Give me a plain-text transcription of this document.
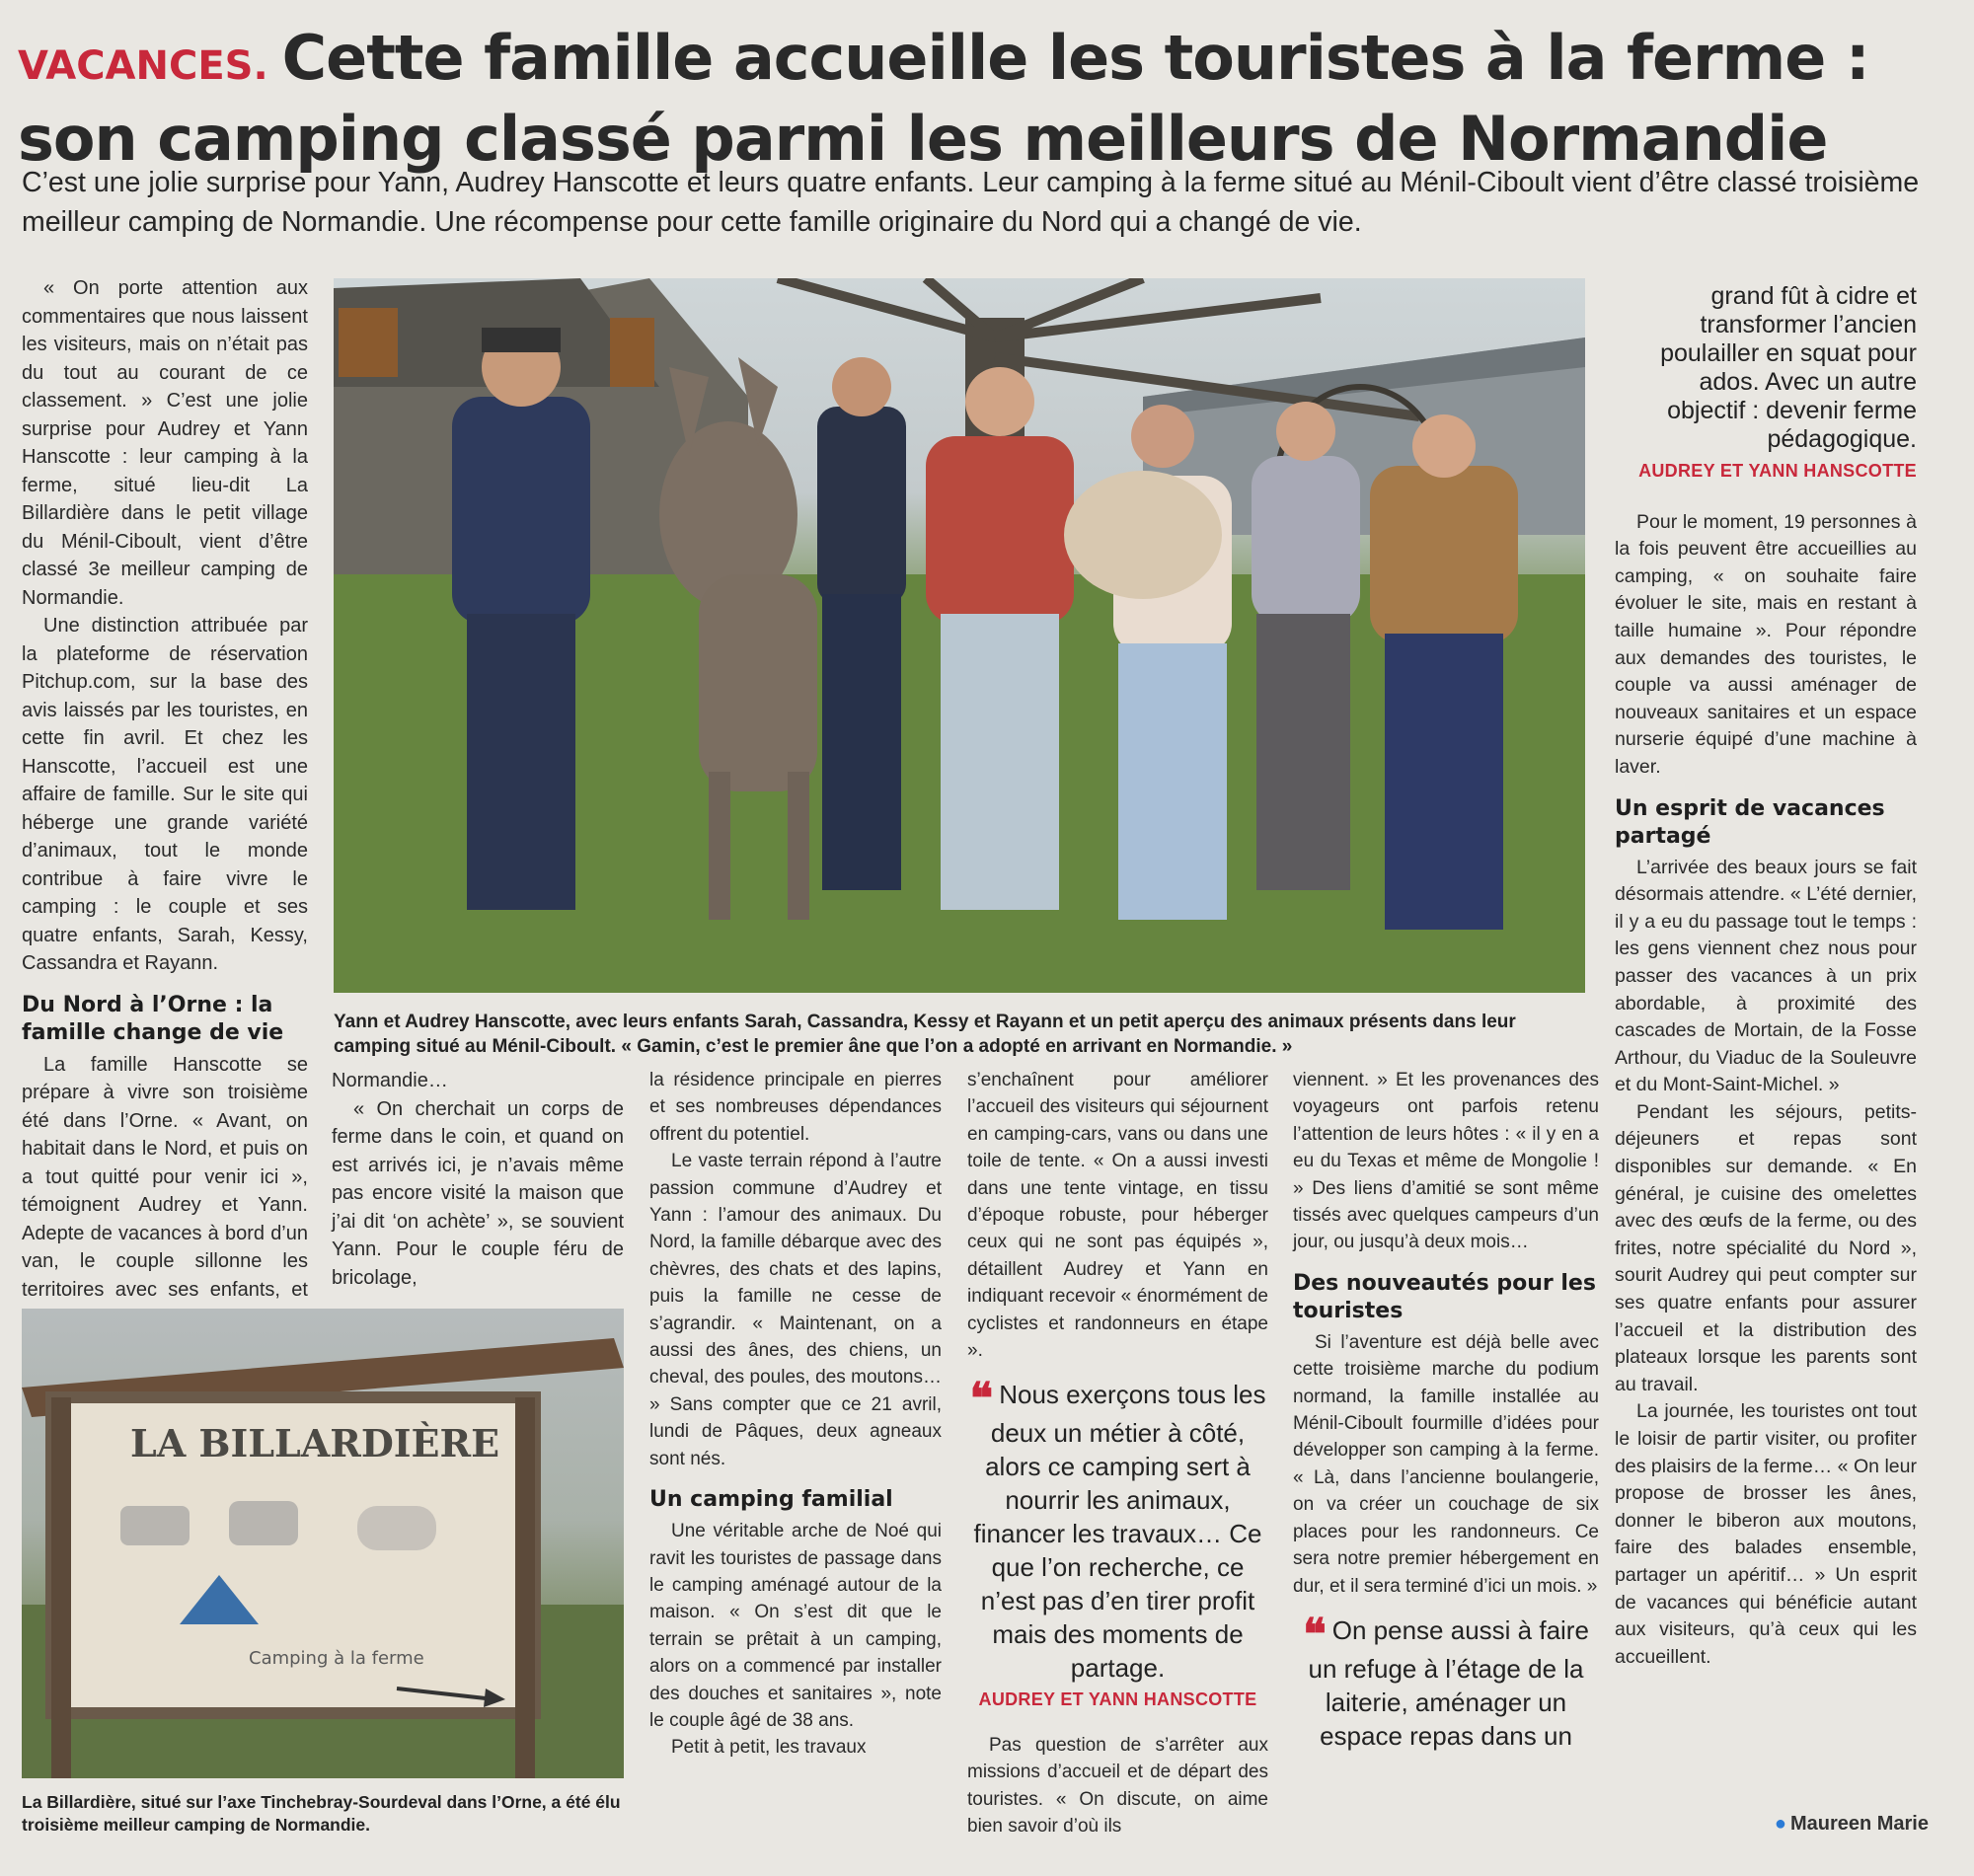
VACANCES. Cette famille accueille les touristes à la ferme :
son camping classé parmi les meilleurs de Normandie
C’est une jolie surprise pour Yann, Audrey Hanscotte et leurs quatre enfants. Leur camping à la ferme situé au Ménil-Ciboult vient d’être classé troisième meilleur camping de Normandie. Une récompense pour cette famille originaire du Nord qui a changé de vie.

« On porte attention aux commentaires que nous laissent les visiteurs, mais on n’était pas du tout au courant de ce classement. » C’est une jolie surprise pour Audrey et Yann Hanscotte : leur camping à la ferme, situé lieu-dit La Billardière dans le petit village du Ménil-Ciboult, vient d’être classé 3e meilleur camping de Normandie.

Une distinction attribuée par la plateforme de réservation Pitchup.com, sur la base des avis laissés par les touristes, en cette fin avril. Et chez les Hanscotte, l’accueil est une affaire de famille. Sur le site qui héberge une grande variété d’animaux, tout le monde contribue à faire vivre le camping : le couple et ses quatre enfants, Sarah, Kessy, Cassandra et Rayann.

Du Nord à l’Orne : la famille change de vie

La famille Hanscotte se prépare à vivre son troisième été dans l’Orne. « Avant, on habitait dans le Nord, et puis on a tout quitté pour venir ici », témoignent Audrey et Yann. Adepte de vacances à bord d’un van, le couple sillonne les territoires avec ses enfants, et

Yann et Audrey Hanscotte, avec leurs enfants Sarah, Cassandra, Kessy et Rayann et un petit aperçu des animaux présents dans leur camping situé au Ménil-Ciboult. « Gamin, c’est le premier âne que l’on a adopté en arrivant en Normandie. »

Normandie…

« On cherchait un corps de ferme dans le coin, et quand on est arrivés ici, je n’avais même pas encore visité la maison que j’ai dit ‘on achète’ », se souvient Yann. Pour le couple féru de bricolage,

LA BILLARDIÈRE
Camping à la ferme
La Billardière, situé sur l’axe Tinchebray-Sourdeval dans l’Orne, a été élu troisième meilleur camping de Normandie.

la résidence principale en pierres et ses nombreuses dépendances offrent du potentiel.

Le vaste terrain répond à l’autre passion commune d’Audrey et Yann : l’amour des animaux. Du Nord, la famille débarque avec des chèvres, des chats et des lapins, puis la famille ne cesse de s’agrandir. « Maintenant, on a aussi des ânes, des chiens, un cheval, des poules, des moutons… » Sans compter que ce 21 avril, lundi de Pâques, deux agneaux sont nés.

Un camping familial

Une véritable arche de Noé qui ravit les touristes de passage dans le camping aménagé autour de la maison. « On s’est dit que le terrain se prêtait à un camping, alors on a commencé par installer des douches et sanitaires », note le couple âgé de 38 ans.

Petit à petit, les travaux

s’enchaînent pour améliorer l’accueil des visiteurs qui séjournent en camping-cars, vans ou dans une toile de tente. « On a aussi investi dans une tente vintage, en tissu d’époque robuste, pour héberger ceux qui ne sont pas équipés », détaillent Audrey et Yann en indiquant recevoir « énormément de cyclistes et randonneurs en étape ».

❝ Nous exerçons tous les deux un métier à côté, alors ce camping sert à nourrir les animaux, financer les travaux… Ce que l’on recherche, ce n’est pas d’en tirer profit mais des moments de partage.
AUDREY ET YANN HANSCOTTE

Pas question de s’arrêter aux missions d’accueil et de départ des touristes. « On discute, on aime bien savoir d’où ils

viennent. » Et les provenances des voyageurs ont parfois retenu l’attention de leurs hôtes : « il y en a eu du Texas et même de Mongolie ! » Des liens d’amitié se sont même tissés avec quelques campeurs d’un jour, ou jusqu’à deux mois…

Des nouveautés pour les touristes

Si l’aventure est déjà belle avec cette troisième marche du podium normand, la famille installée au Ménil-Ciboult fourmille d’idées pour développer son camping à la ferme. « Là, dans l’ancienne boulangerie, on va créer un couchage de six places pour les randonneurs. Ce sera notre premier hébergement en dur, et il sera terminé d’ici un mois. »

❝ On pense aussi à faire un refuge à l’étage de la laiterie, aménager un espace repas dans un
grand fût à cidre et transformer l’ancien poulailler en squat pour ados. Avec un autre objectif : devenir ferme pédagogique.
AUDREY ET YANN HANSCOTTE

Pour le moment, 19 personnes à la fois peuvent être accueillies au camping, « on souhaite faire évoluer le site, mais en restant à taille humaine ». Pour répondre aux demandes des touristes, le couple va aussi aménager de nouveaux sanitaires et un espace nurserie équipé d’une machine à laver.

Un esprit de vacances partagé

L’arrivée des beaux jours se fait désormais attendre. « L’été dernier, il y a eu du passage tout le temps : les gens viennent chez nous pour passer des vacances à un prix abordable, à proximité des cascades de Mortain, de la Fosse Arthour, du Viaduc de la Souleuvre et du Mont-Saint-Michel. »

Pendant les séjours, petits-déjeuners et repas sont disponibles sur demande. « En général, je cuisine des omelettes avec des œufs de la ferme, ou des frites, notre spécialité du Nord », sourit Audrey qui peut compter sur ses quatre enfants pour assurer l’accueil et la distribution des plateaux lorsque les parents sont au travail.

La journée, les touristes ont tout le loisir de partir visiter, ou profiter des plaisirs de la ferme… « On leur propose de brosser les ânes, donner le biberon aux moutons, faire des balades ensemble, partager un apéritif… » Un esprit de vacances qui bénéficie autant aux visiteurs, qu’à ceux qui les accueillent.

● Maureen Marie
